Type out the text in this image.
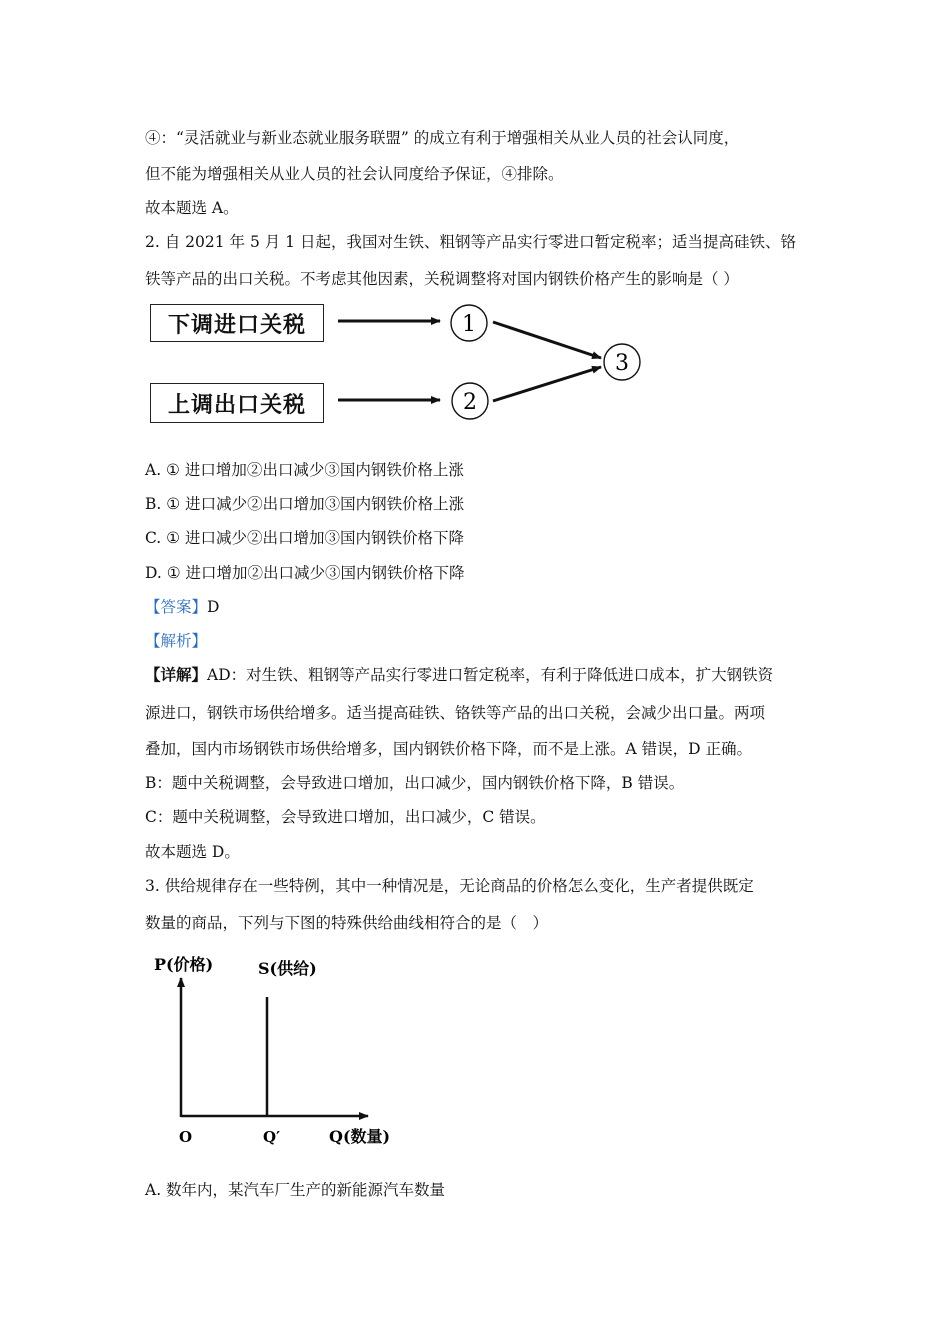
④：“灵活就业与新业态就业服务联盟” 的成立有利于增强相关从业人员的社会认同度，
但不能为增强相关从业人员的社会认同度给予保证，④排除。
故本题选 A。
2. 自 2021 年 5 月 1 日起，我国对生铁、粗钢等产品实行零进口暂定税率；适当提高硅铁、铬
铁等产品的出口关税。不考虑其他因素，关税调整将对国内钢铁价格产生的影响是（ ）
下调进口关税
上调出口关税
1
2
3
A. ① 进口增加②出口减少③国内钢铁价格上涨
B. ① 进口减少②出口增加③国内钢铁价格上涨
C. ① 进口减少②出口增加③国内钢铁价格下降
D. ① 进口增加②出口减少③国内钢铁价格下降
【答案】D
【解析】
【详解】AD：对生铁、粗钢等产品实行零进口暂定税率，有利于降低进口成本，扩大钢铁资
源进口，钢铁市场供给增多。适当提高硅铁、铬铁等产品的出口关税，会减少出口量。两项
叠加，国内市场钢铁市场供给增多，国内钢铁价格下降，而不是上涨。A 错误，D 正确。
B：题中关税调整，会导致进口增加，出口减少，国内钢铁价格下降，B 错误。
C：题中关税调整，会导致进口增加，出口减少，C 错误。
故本题选 D。
3. 供给规律存在一些特例，其中一种情况是，无论商品的价格怎么变化，生产者提供既定
数量的商品，下列与下图的特殊供给曲线相符合的是（　）
P(价格)	S(供给)
O	Q′	Q(数量)
A. 数年内，某汽车厂生产的新能源汽车数量
